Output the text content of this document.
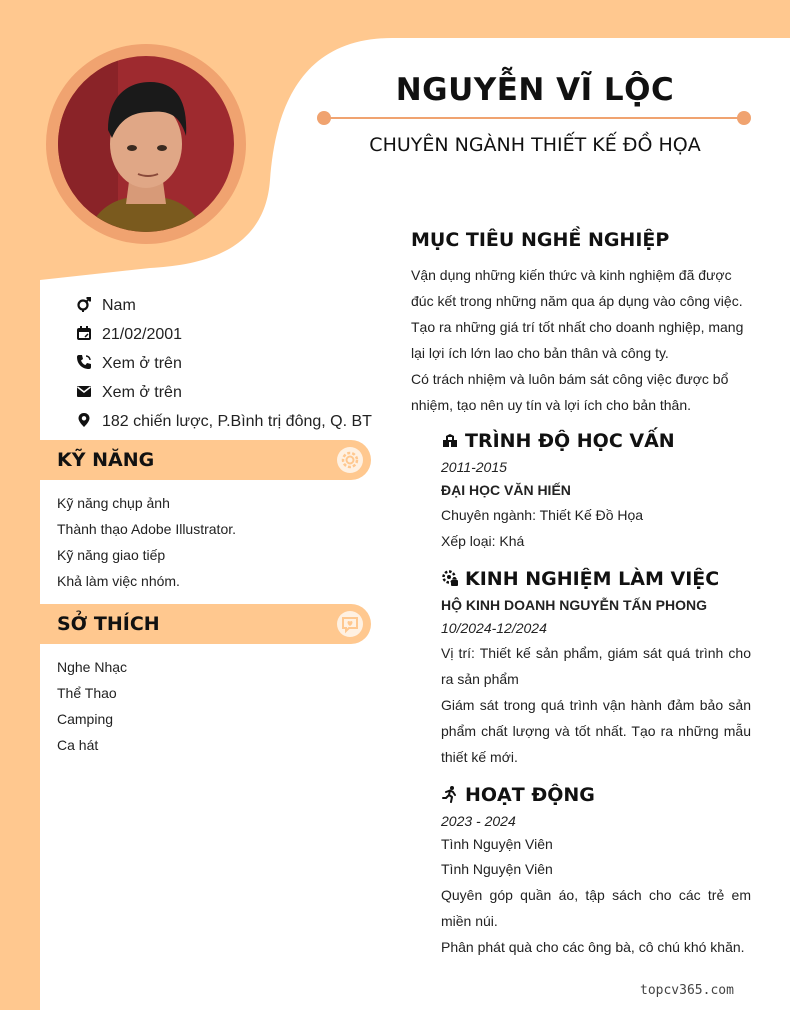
NGUYỄN VĨ LỘC
CHUYÊN NGÀNH THIẾT KẾ ĐỒ HỌA
Nam
21/02/2001
Xem ở trên
Xem ở trên
182 chiến lược, P.Bình trị đông, Q. BT
KỸ NĂNG
Kỹ năng chụp ảnh
Thành thạo Adobe Illustrator.
Kỹ năng giao tiếp
Khả làm việc nhóm.
SỞ THÍCH
Nghe Nhạc
Thể Thao
Camping
Ca hát
MỤC TIÊU NGHỀ NGHIỆP

Vận dụng những kiến thức và kinh nghiệm đã được

đúc kết trong những năm qua áp dụng vào công việc.

Tạo ra những giá trí tốt nhất cho doanh nghiệp, mang

lại lợi ích lớn lao cho bản thân và công ty.

Có trách nhiệm và luôn bám sát công việc được bổ

nhiệm, tạo nên uy tín và lợi ích cho bản thân.

TRÌNH ĐỘ HỌC VẤN
2011-2015
ĐẠI HỌC VĂN HIẾN
Chuyên ngành: Thiết Kế Đồ Họa
Xếp loại: Khá
KINH NGHIỆM LÀM VIỆC
HỘ KINH DOANH NGUYỄN TẤN PHONG
10/2024-12/2024
Vị trí: Thiết kế sản phẩm, giám sát quá trình cho ra sản phẩm
Giám sát trong quá trình vận hành đảm bảo sản phẩm chất lượng và tốt nhất. Tạo ra những mẫu thiết kế mới.
HOẠT ĐỘNG
2023 - 2024
Tình Nguyện Viên
Tình Nguyện Viên
Quyên góp quần áo, tập sách cho các trẻ em miền núi.
Phân phát quà cho các ông bà, cô chú khó khăn.
topcv365.com
